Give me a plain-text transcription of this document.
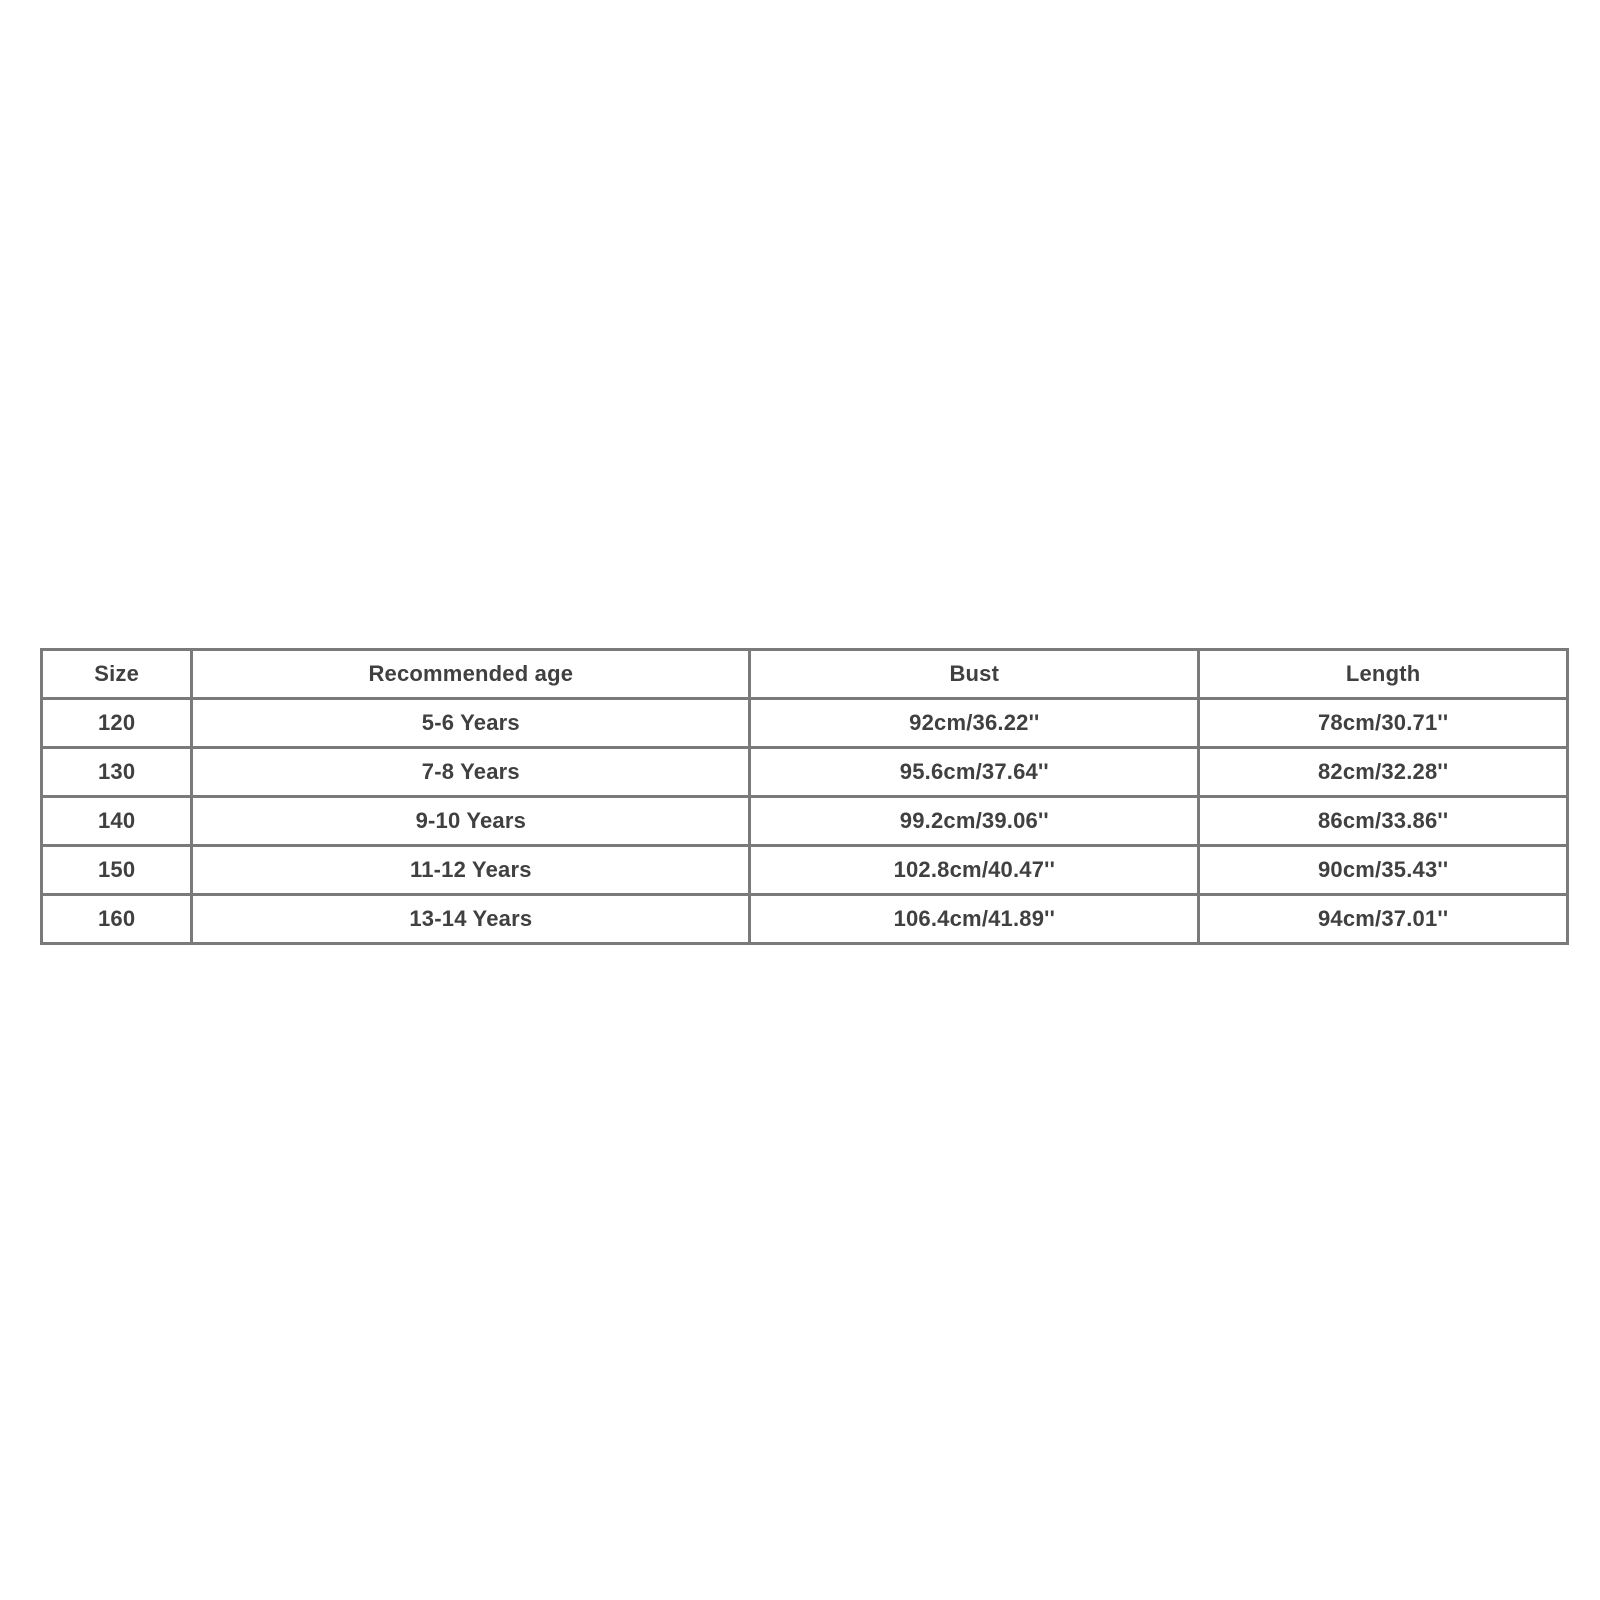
Size	Recommended age	Bust	Length
120	5-6 Years	92cm/36.22''	78cm/30.71''
130	7-8 Years	95.6cm/37.64''	82cm/32.28''
140	9-10 Years	99.2cm/39.06''	86cm/33.86''
150	11-12 Years	102.8cm/40.47''	90cm/35.43''
160	13-14 Years	106.4cm/41.89''	94cm/37.01''
